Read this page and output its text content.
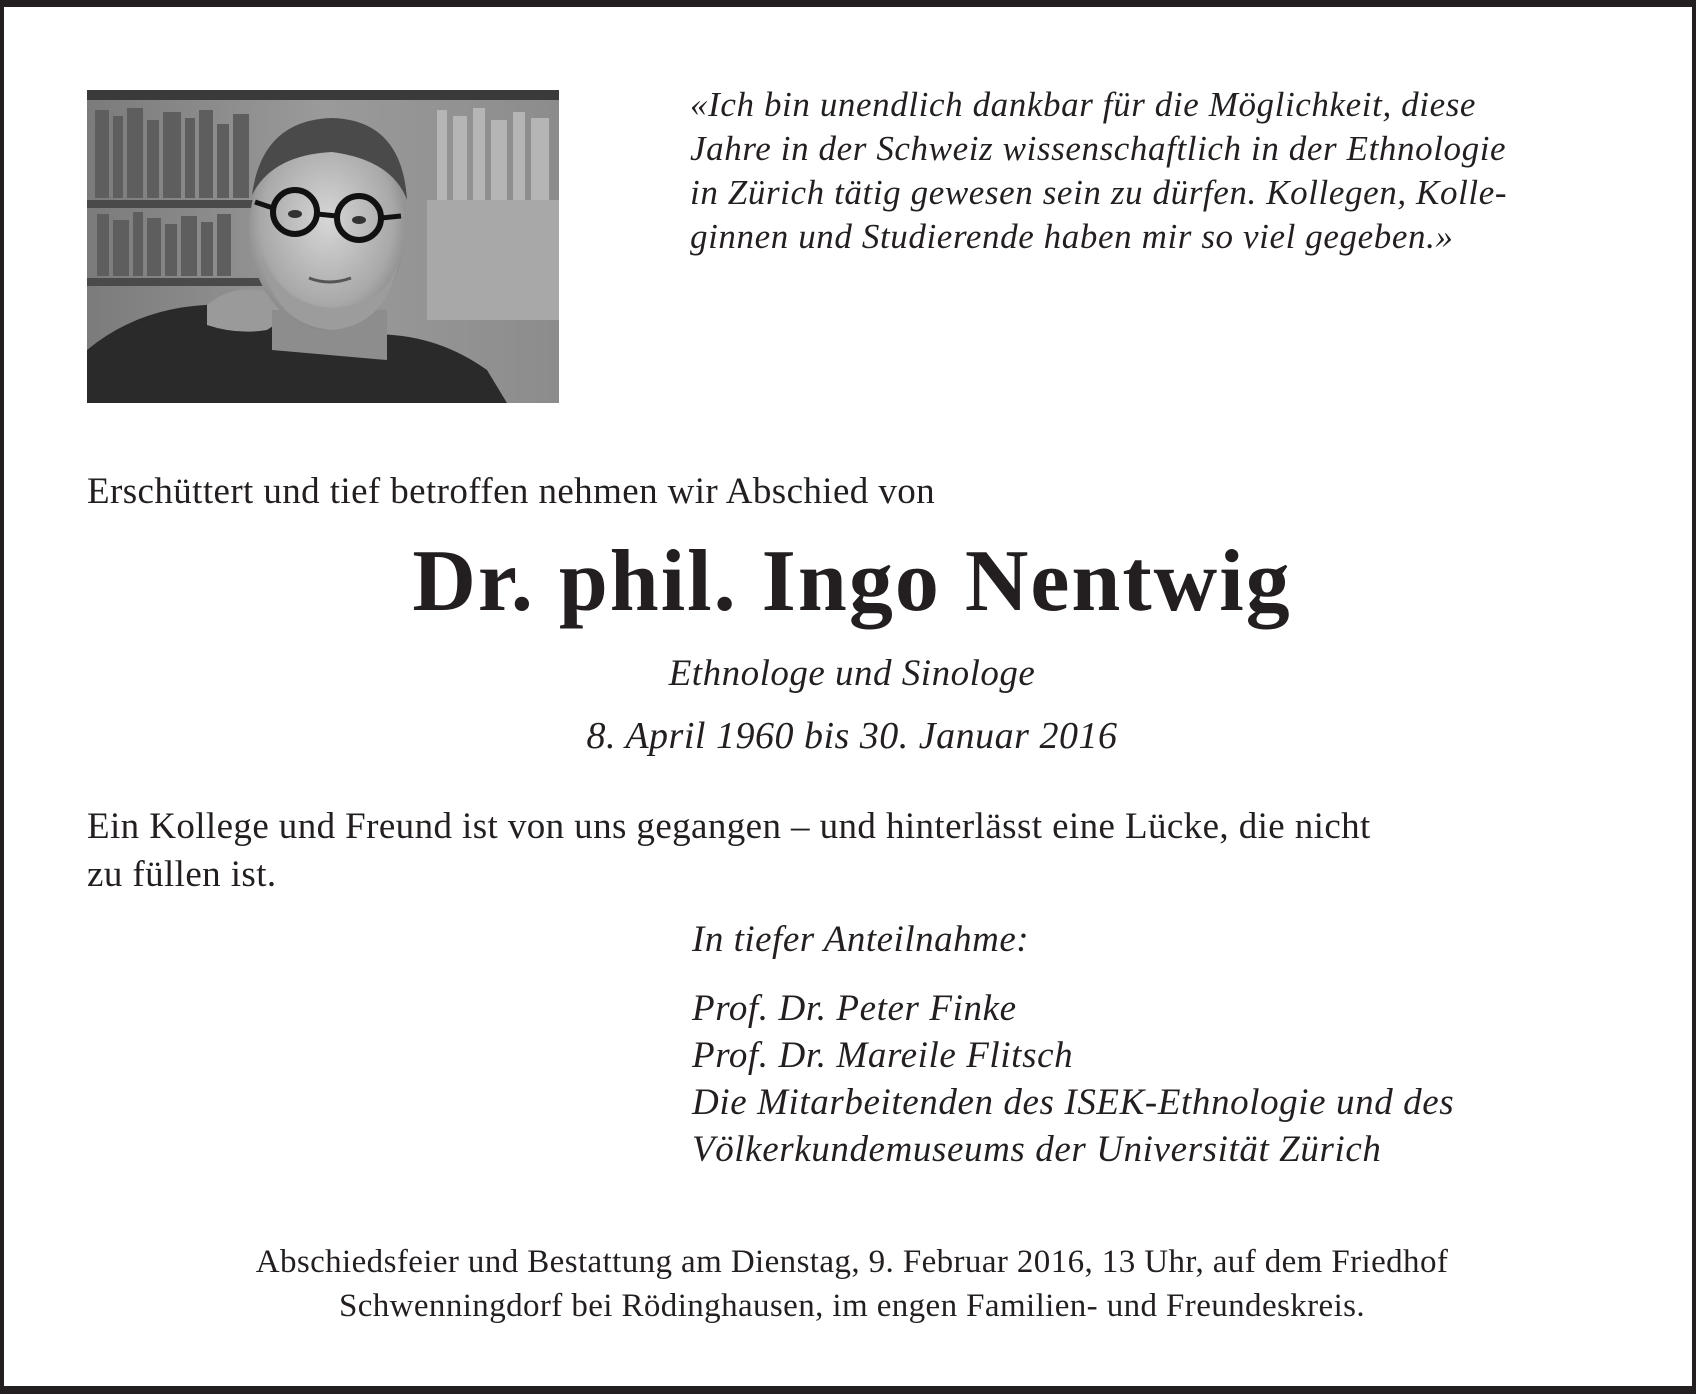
«Ich bin unendlich dankbar für die Möglichkeit, diese
Jahre in der Schweiz wissenschaftlich in der Ethnologie
in Zürich tätig gewesen sein zu dürfen. Kollegen, Kolle-
ginnen und Studierende haben mir so viel gegeben.»

Erschüttert und tief betroffen nehmen wir Abschied von

Dr. phil. Ingo Nentwig

Ethnologe und Sinologe

8. April 1960 bis 30. Januar 2016

Ein Kollege und Freund ist von uns gegangen – und hinterlässt eine Lücke, die nicht
zu füllen ist.

In tiefer Anteilnahme:

Prof. Dr. Peter Finke
Prof. Dr. Mareile Flitsch
Die Mitarbeitenden des ISEK-Ethnologie und des
Völkerkundemuseums der Universität Zürich

Abschiedsfeier und Bestattung am Dienstag, 9. Februar 2016, 13 Uhr, auf dem Friedhof
Schwenningdorf bei Rödinghausen, im engen Familien- und Freundeskreis.
